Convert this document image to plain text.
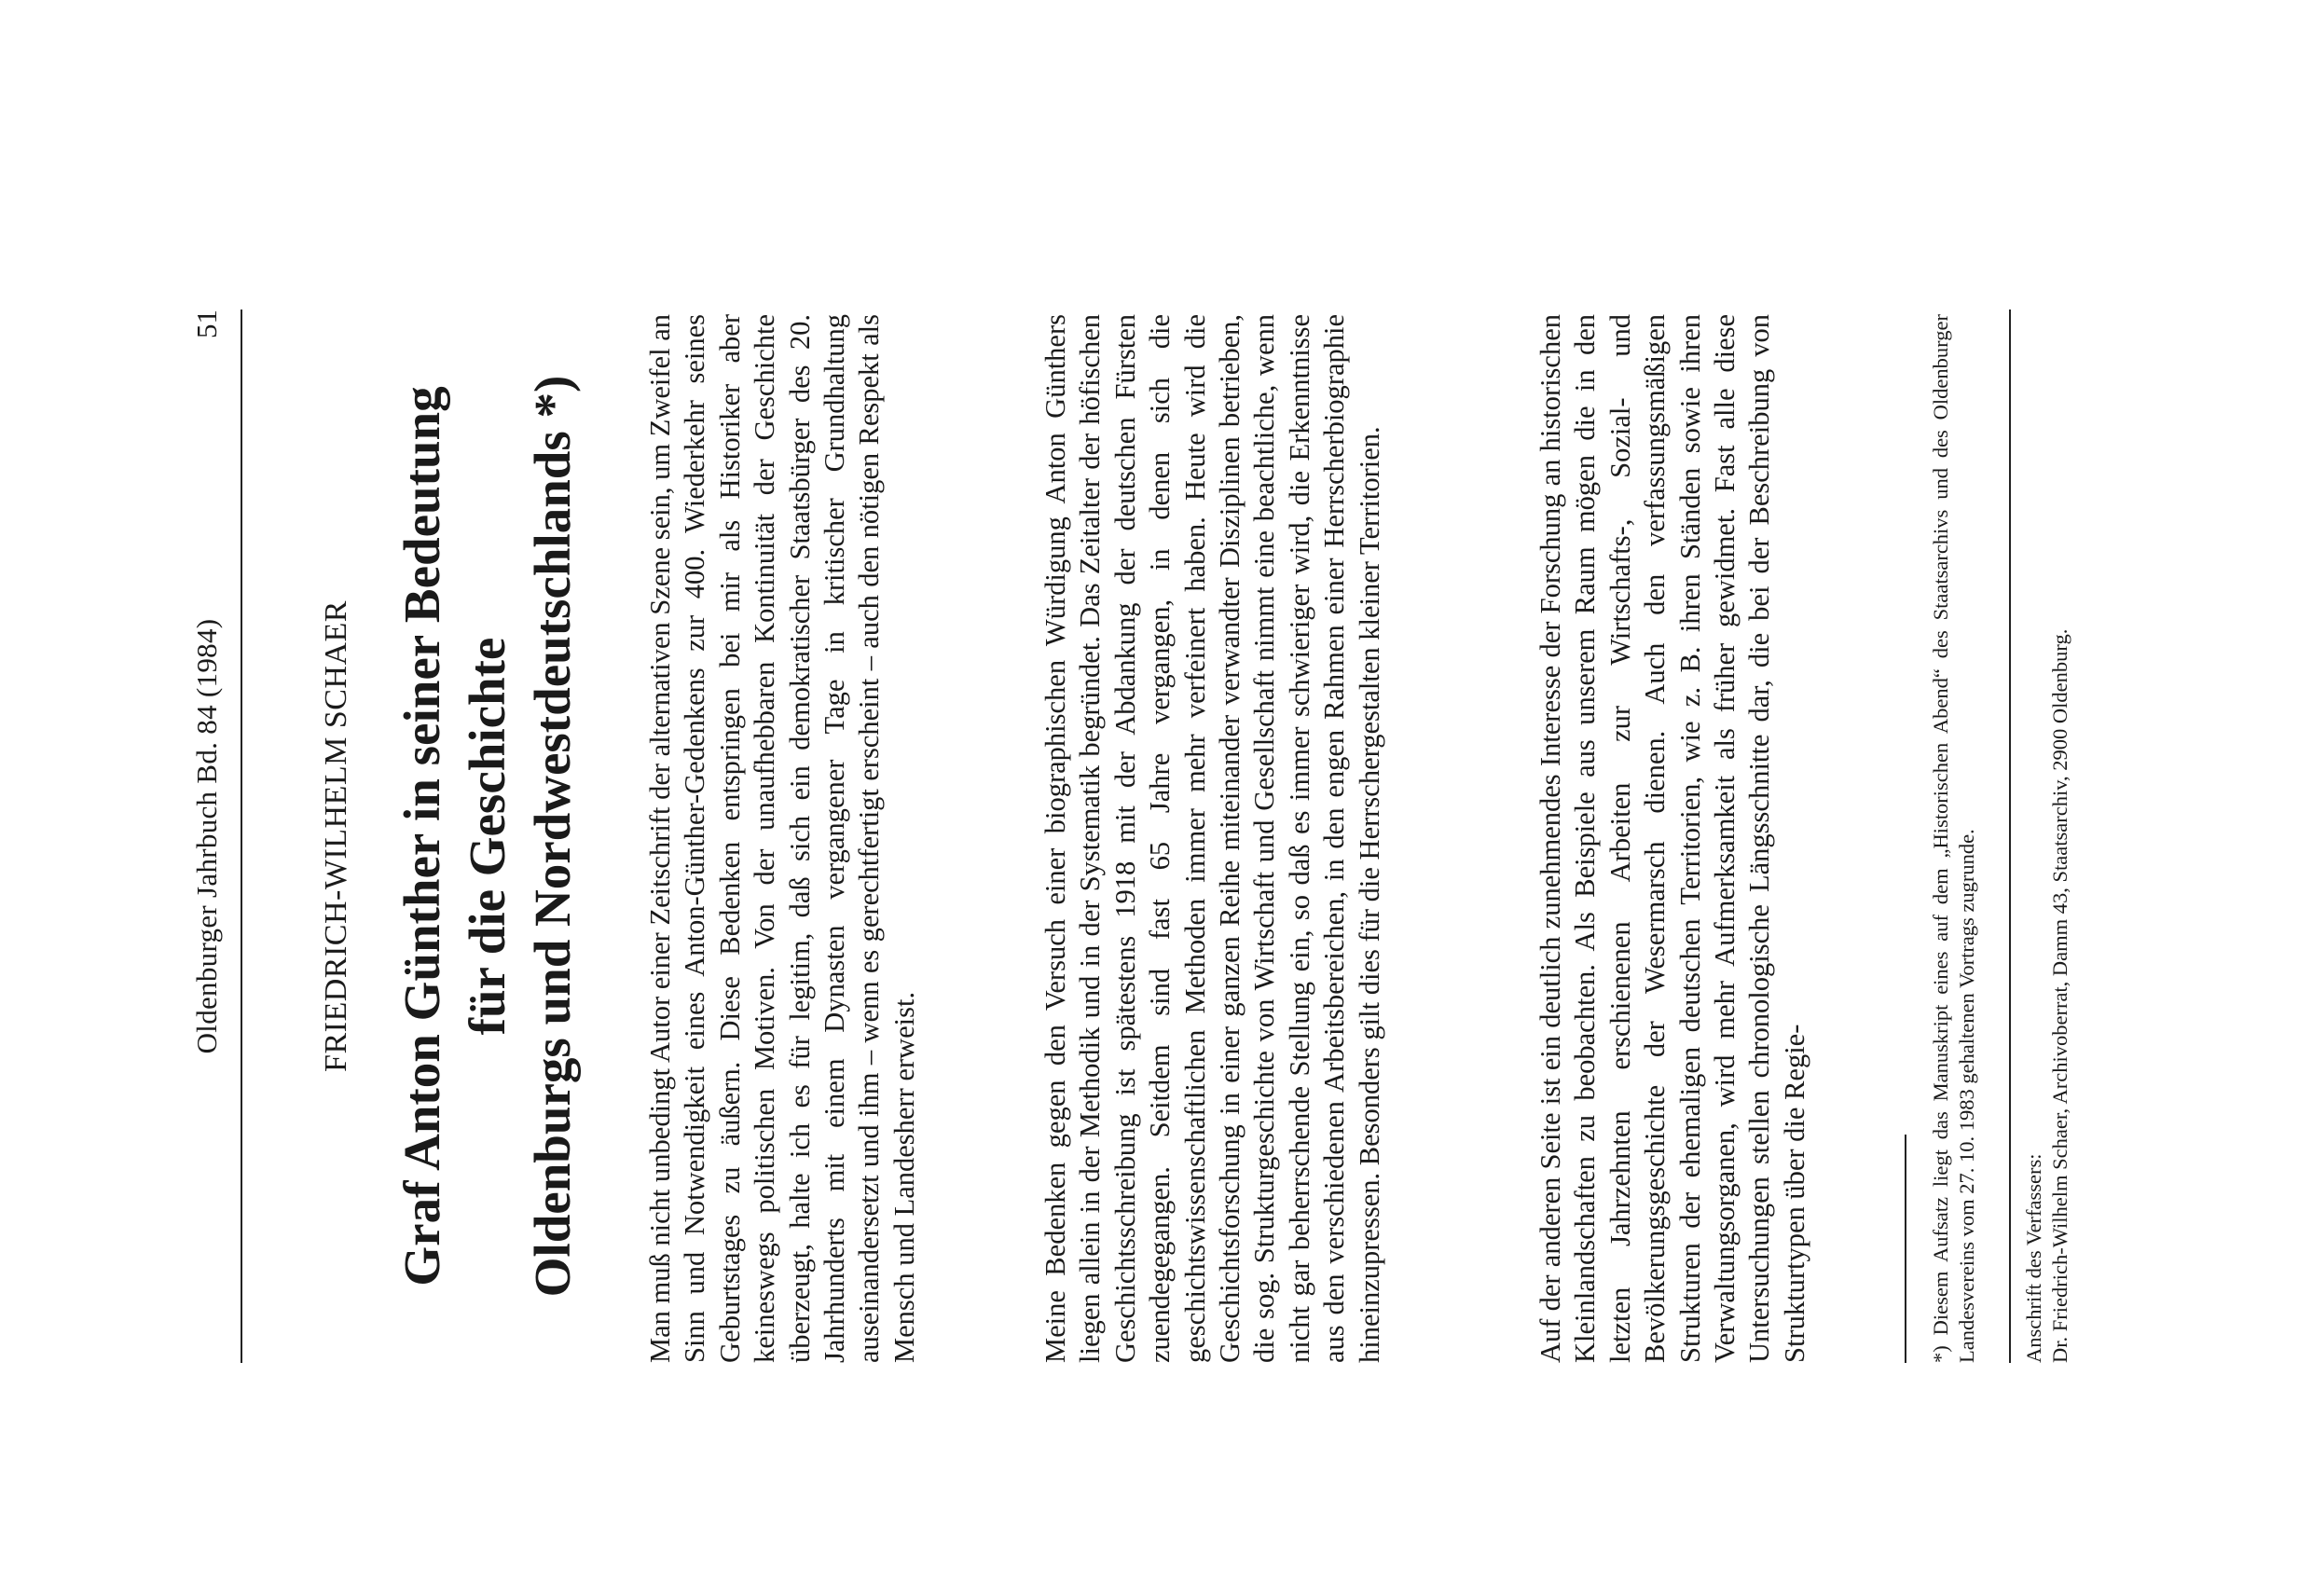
Oldenburger Jahrbuch Bd. 84 (1984)
51
FRIEDRICH-WILHELM SCHAER Graf Anton Günther in seiner Bedeutung für die Geschichte Oldenburgs und Nordwestdeutschlands *) Man muß nicht unbedingt Autor einer Zeitschrift der alternativen Szene sein, um Zweifel an Sinn und Notwendigkeit eines Anton-Günther-Gedenkens zur 400. Wiederkehr seines Geburtstages zu äußern. Diese Bedenken entspringen bei mir als Historiker aber keineswegs politischen Motiven. Von der unaufhebbaren Kontinuität der Geschichte überzeugt, halte ich es für legitim, daß sich ein demokratischer Staatsbürger des 20. Jahrhunderts mit einem Dynasten vergangener Tage in kritischer Grundhaltung auseinandersetzt und ihm – wenn es gerechtfertigt erscheint – auch den nötigen Respekt als Mensch und Landesherr erweist.	Meine Bedenken gegen den Versuch einer biographischen Würdigung Anton Günthers liegen allein in der Methodik und in der Systematik begründet. Das Zeitalter der höfischen Geschichtsschreibung ist spätestens 1918 mit der Abdankung der deutschen Fürsten zuendegegangen. Seitdem sind fast 65 Jahre vergangen, in denen sich die geschichtswissenschaftlichen Methoden immer mehr verfeinert haben. Heute wird die Geschichtsforschung in einer ganzen Reihe miteinander verwandter Disziplinen betrieben, die sog. Strukturgeschichte von Wirtschaft und Gesellschaft nimmt eine beachtliche, wenn nicht gar beherrschende Stellung ein, so daß es immer schwieriger wird, die Erkenntnisse aus den verschiedenen Arbeitsbereichen, in den engen Rahmen einer Herrscherbiographie hineinzupressen. Besonders gilt dies für die Herrschergestalten kleiner Territorien.	Auf der anderen Seite ist ein deutlich zunehmendes Interesse der Forschung an historischen Kleinlandschaften zu beobachten. Als Beispiele aus unserem Raum mögen die in den letzten Jahrzehnten erschienenen Arbeiten zur Wirtschafts-, Sozial- und Bevölkerungsgeschichte der Wesermarsch dienen. Auch den verfassungsmäßigen Strukturen der ehemaligen deutschen Territorien, wie z. B. ihren Ständen sowie ihren Verwaltungsorganen, wird mehr Aufmerksamkeit als früher gewidmet. Fast alle diese Untersuchungen stellen chronologische Längsschnitte dar, die bei der Beschreibung von Strukturtypen über die Regie-	*) Diesem Aufsatz liegt das Manuskript eines auf dem „Historischen Abend“ des Staatsarchivs und des Oldenburger Landesvereins vom 27. 10. 1983 gehaltenen Vortrags zugrunde. Anschrift des Verfassers: Dr. Friedrich-Wilhelm Schaer, Archivoberrat, Damm 43, Staatsarchiv, 2900 Oldenburg.
